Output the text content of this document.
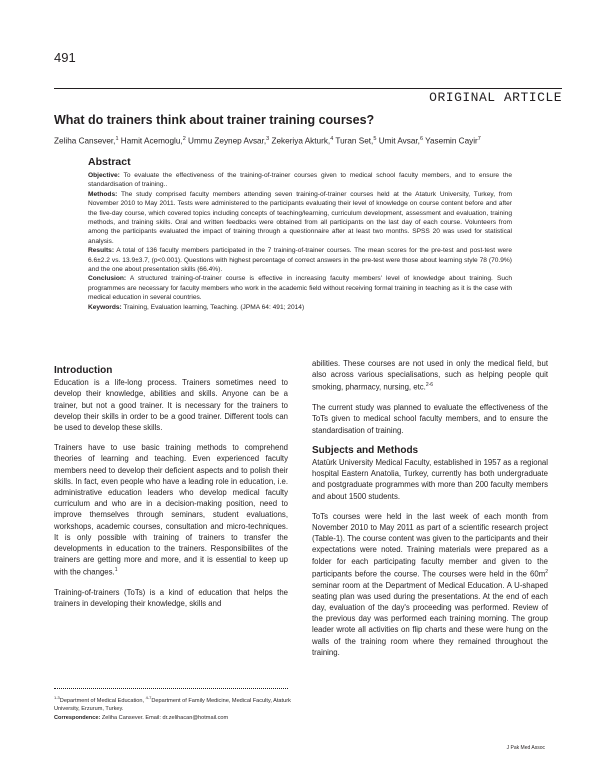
491
ORIGINAL ARTICLE
What do trainers think about trainer training courses?
Zeliha Cansever,$^1$ Hamit Acemoglu,$^2$ Ummu Zeynep Avsar,$^3$ Zekeriya Akturk,$^4$ Turan Set,$^5$ Umit Avsar,$^6$ Yasemin Cayir$^7$
Abstract

Objective: To evaluate the effectiveness of the training-of-trainer courses given to medical school faculty members, and to ensure the standardisation of training..

Methods: The study comprised faculty members attending seven training-of-trainer courses held at the Ataturk University, Turkey, from November 2010 to May 2011. Tests were administered to the participants evaluating their level of knowledge on course content before and after the five-day course, which covered topics including concepts of teaching/learning, curriculum development, assessment and evaluation, training methods, and training skills. Oral and written feedbacks were obtained from all participants on the last day of each course. Volunteers from among the participants evaluated the impact of training through a questionnaire after at least two months. SPSS 20 was used for statistical analysis.

Results: A total of 136 faculty members participated in the 7 training-of-trainer courses. The mean scores for the pre-test and post-test were 6.6±2.2 vs. 13.9±3.7, (p<0.001). Questions with highest percentage of correct answers in the pre-test were those about learning style 78 (70.9%) and the one about presentation skills (66.4%).

Conclusion: A structured training-of-trainer course is effective in increasing faculty members' level of knowledge about training. Such programmes are necessary for faculty members who work in the academic field without receiving formal training in teaching as it is the case with medical education in several countries.

Keywords: Training, Evaluation learning, Teaching. (JPMA 64: 491; 2014)

Introduction

Education is a life-long process. Trainers sometimes need to develop their knowledge, abilities and skills. Anyone can be a trainer, but not a good trainer. It is necessary for the trainers to develop their skills in order to be a good trainer. Different tools can be used to develop these skills.

Trainers have to use basic training methods to comprehend theories of learning and teaching. Even experienced faculty members need to develop their deficient aspects and to polish their skills. In fact, even people who have a leading role in education, i.e. administrative education leaders who develop medical faculty curriculum and who are in a decision-making position, need to improve themselves through seminars, student evaluations, workshops, academic courses, consultation and micro-techniques. It is only possible with training of trainers to transfer the developments in education to the trainers. Responsibilites of the trainers are getting more and more, and it is essential to keep up with the changes.$^1$

Training-of-trainers (ToTs) is a kind of education that helps the trainers in developing their knowledge, skills and

abilities. These courses are not used in only the medical field, but also across various specialisations, such as helping people quit smoking, pharmacy, nursing, etc.$^{2-6}$

The current study was planned to evaluate the effectiveness of the ToTs given to medical school faculty members, and to ensure the standardisation of training.

Subjects and Methods

Atatürk University Medical Faculty, established in 1957 as a regional hospital Eastern Anatolia, Turkey, currently has both undergraduate and postgraduate programmes with more than 200 faculty members and about 1500 students.

ToTs courses were held in the last week of each month from November 2010 to May 2011 as part of a scientific research project (Table-1). The course content was given to the participants and their expectations were noted. Training materials were prepared as a folder for each participating faculty member and given to the participants before the course. The courses were held in the $60m^2$ seminar room at the Department of Medical Education. A U-shaped seating plan was used during the presentations. At the end of each day, evaluation of the day's proceeding was performed. Review of the previous day was performed each training morning. The group leader wrote all activities on flip charts and these were hung on the walls of the training room where they remained throughout the training.

$^{1-3}$Department of Medical Education, $^{4-7}$Department of Family Medicine, Medical Faculty, Ataturk University, Erzurum, Turkey.
Correspondence: Zeliha Cansever. Email: dr.zelihacan@hotmail.com
J Pak Med Assoc
